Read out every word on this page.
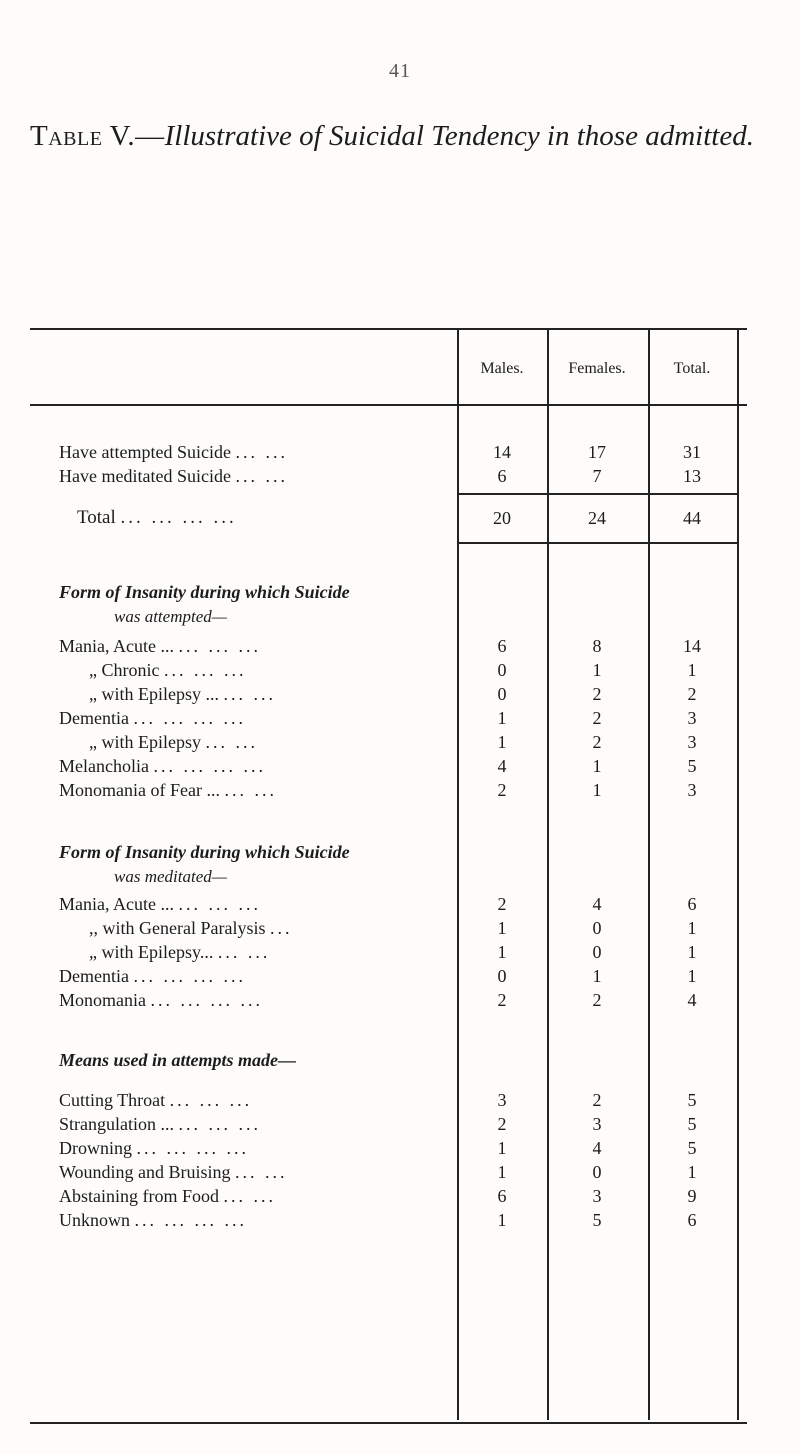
41
Table V.—Illustrative of Suicidal Tendency in those admitted.
Males.	Females.	Total.
Have attempted Suicide ... ...	14	17	31
Have meditated Suicide ... ...	6	7	13
Total ... ... ... ...	20	24	44
Form of Insanity during which Suicide
was attempted—
Mania, Acute ... ... ... ...	6	8	14
„ Chronic ... ... ...	0	1	1
„ with Epilepsy ... ... ...	0	2	2
Dementia ... ... ... ...	1	2	3
„ with Epilepsy ... ...	1	2	3
Melancholia ... ... ... ...	4	1	5
Monomania of Fear ... ... ...	2	1	3
Form of Insanity during which Suicide
was meditated—
Mania, Acute ... ... ... ...	2	4	6
,, with General Paralysis ...	1	0	1
„ with Epilepsy... ... ...	1	0	1
Dementia ... ... ... ...	0	1	1
Monomania ... ... ... ...	2	2	4
Means used in attempts made—
Cutting Throat ... ... ...	3	2	5
Strangulation ... ... ... ...	2	3	5
Drowning ... ... ... ...	1	4	5
Wounding and Bruising ... ...	1	0	1
Abstaining from Food ... ...	6	3	9
Unknown ... ... ... ...	1	5	6
